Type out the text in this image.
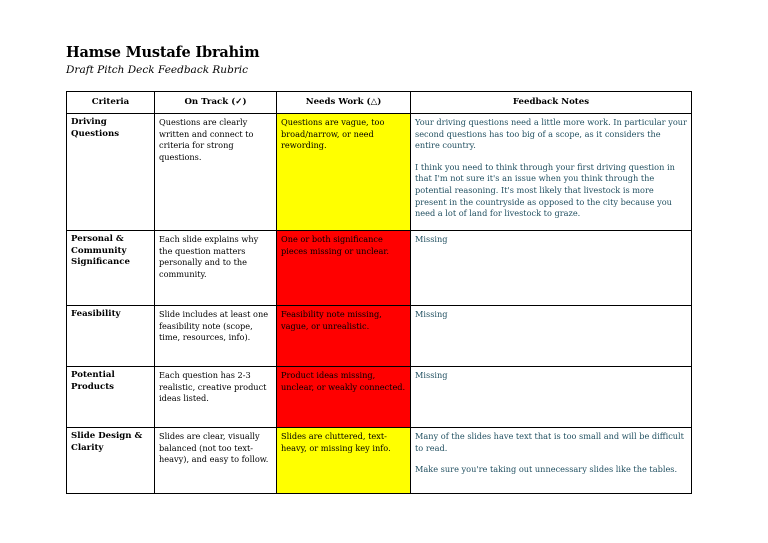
Hamse Mustafe Ibrahim
Draft Pitch Deck Feedback Rubric
Criteria	On Track (✓)	Needs Work (△)	Feedback Notes
Driving Questions	Questions are clearly written and connect to criteria for strong questions.	Questions are vague, too broad/narrow, or need rewording.	Your driving questions need a little more work. In particular your second questions has too big of a scope, as it considers the entire country.

I think you need to think through your first driving question in that I'm not sure it's an issue when you think through the potential reasoning. It's most likely that livestock is more present in the countryside as opposed to the city because you need a lot of land for livestock to graze.

Personal & Community Significance	Each slide explains why the question matters personally and to the community.	One or both significance pieces missing or unclear.	Missing

Feasibility	Slide includes at least one feasibility note (scope, time, resources, info).	Feasibility note missing, vague, or unrealistic.	Missing

Potential Products	Each question has 2-3 realistic, creative product ideas listed.	Product ideas missing, unclear, or weakly connected.	Missing

Slide Design & Clarity	Slides are clear, visually balanced (not too text-heavy), and easy to follow.	Slides are cluttered, text-heavy, or missing key info.	Many of the slides have text that is too small and will be difficult to read.

Make sure you're taking out unnecessary slides like the tables.
